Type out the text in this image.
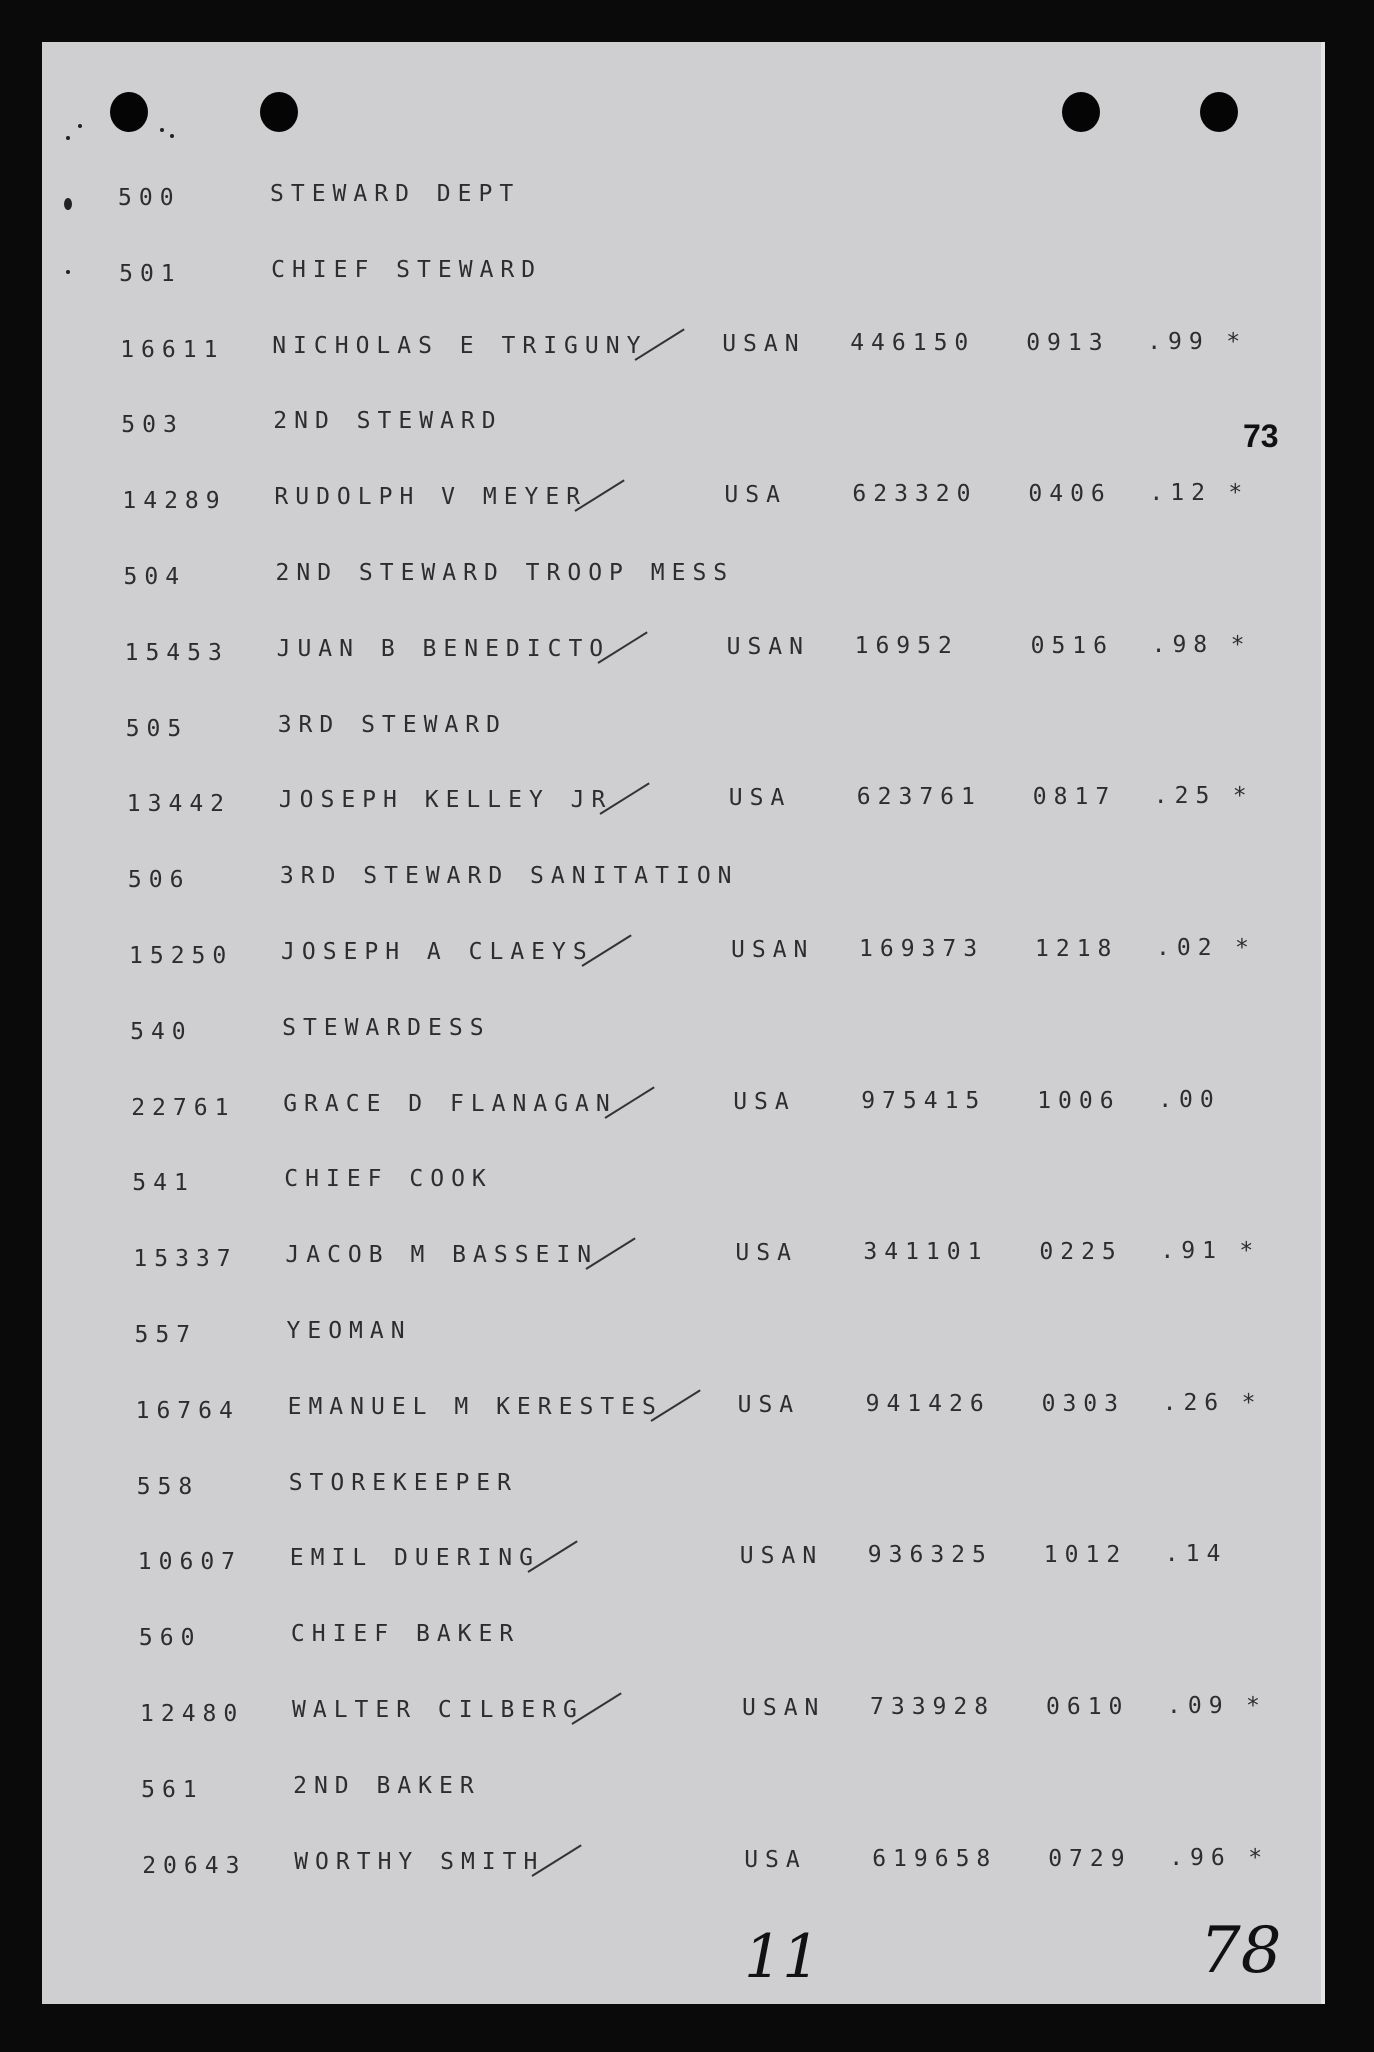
73
500	STEWARD DEPT
501	CHIEF STEWARD
16611 NICHOLAS E TRIGUNY	USAN 446150 0913 .99 *
503	2ND STEWARD
14289 RUDOLPH V MEYER	USA	623320 0406 .12 *
504	2ND STEWARD TROOP MESS
15453 JUAN B BENEDICTO	USAN 16952	0516 .98 *
505	3RD STEWARD
13442 JOSEPH KELLEY JR	USA	623761 0817 .25 *
506	3RD STEWARD SANITATION
15250 JOSEPH A CLAEYS	USAN 169373 1218 .02 *
540	STEWARDESS
22761 GRACE D FLANAGAN	USA	975415 1006 .00
541	CHIEF COOK
15337 JACOB M BASSEIN	USA	341101 0225 .91 *
557	YEOMAN
16764 EMANUEL M KERESTES	USA	941426 0303 .26 *
558	STOREKEEPER
10607 EMIL DUERING	USAN 936325 1012 .14
560	CHIEF BAKER
12480 WALTER CILBERG	USAN 733928 0610 .09 *
561	2ND BAKER
20643 WORTHY SMITH	USA	619658 0729 .96 *
11	78
